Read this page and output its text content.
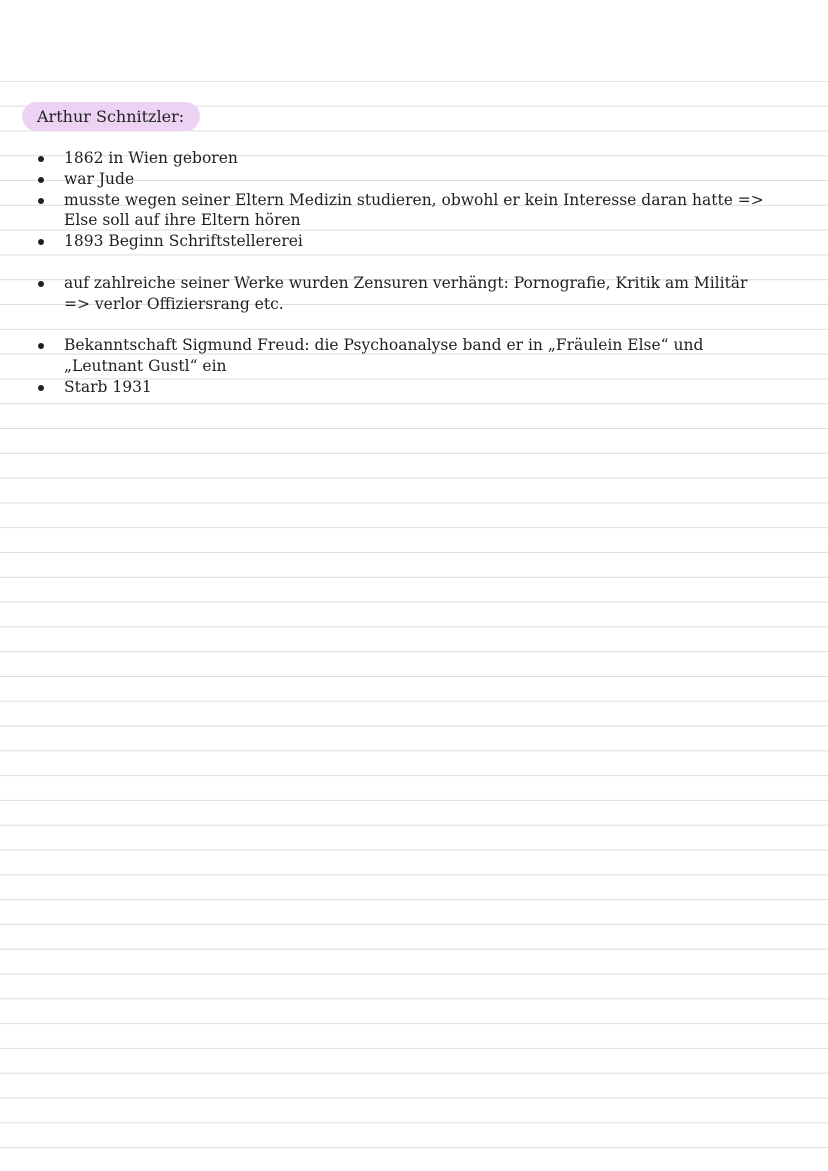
Arthur Schnitzler:
1862 in Wien geboren
war Jude
musste wegen seiner Eltern Medizin studieren, obwohl er kein Interesse daran hatte =>
Else soll auf ihre Eltern hören
1893 Beginn Schriftstellererei
auf zahlreiche seiner Werke wurden Zensuren verhängt: Pornografie, Kritik am Militär
=> verlor Offiziersrang etc.
Bekanntschaft Sigmund Freud: die Psychoanalyse band er in „Fräulein Else“ und
„Leutnant Gustl“ ein
Starb 1931
